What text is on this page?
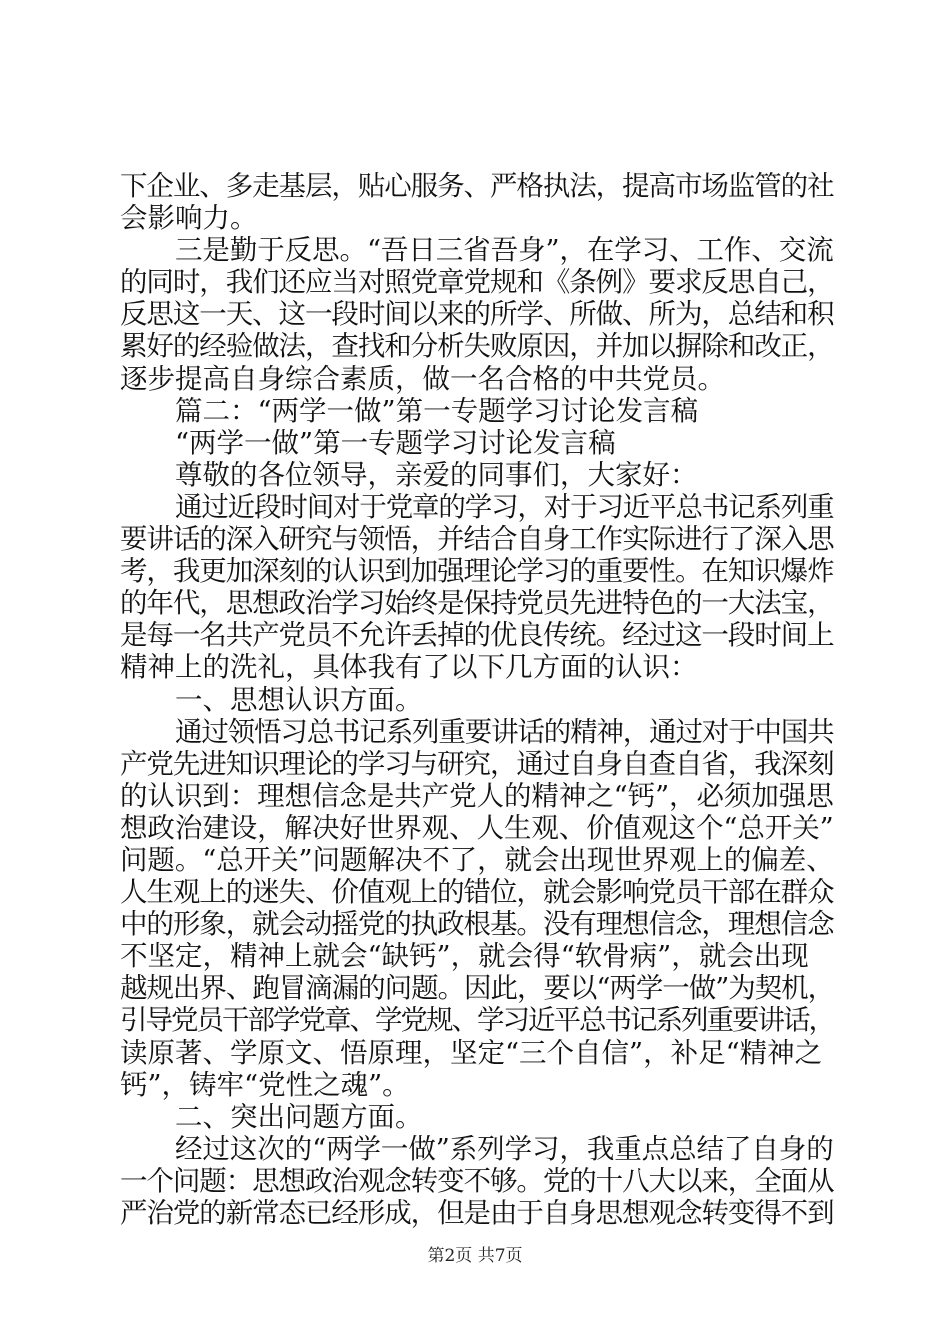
下企业、多走基层，贴心服务、严格执法，提高市场监管的社
会影响力。
三是勤于反思。“吾日三省吾身”，在学习、工作、交流
的同时，我们还应当对照党章党规和《条例》要求反思自己，
反思这一天、这一段时间以来的所学、所做、所为，总结和积
累好的经验做法，查找和分析失败原因，并加以摒除和改正，
逐步提高自身综合素质，做一名合格的中共党员。
篇二：“两学一做”第一专题学习讨论发言稿
“两学一做”第一专题学习讨论发言稿
尊敬的各位领导，亲爱的同事们，大家好：
通过近段时间对于党章的学习，对于习近平总书记系列重
要讲话的深入研究与领悟，并结合自身工作实际进行了深入思
考，我更加深刻的认识到加强理论学习的重要性。在知识爆炸
的年代，思想政治学习始终是保持党员先进特色的一大法宝，
是每一名共产党员不允许丢掉的优良传统。经过这一段时间上
精神上的洗礼，具体我有了以下几方面的认识：
一、思想认识方面。
通过领悟习总书记系列重要讲话的精神，通过对于中国共
产党先进知识理论的学习与研究，通过自身自查自省，我深刻
的认识到：理想信念是共产党人的精神之“钙”，必须加强思
想政治建设，解决好世界观、人生观、价值观这个“总开关”
问题。“总开关”问题解决不了，就会出现世界观上的偏差、
人生观上的迷失、价值观上的错位，就会影响党员干部在群众
中的形象，就会动摇党的执政根基。没有理想信念，理想信念
不坚定，精神上就会“缺钙”，就会得“软骨病”，就会出现
越规出界、跑冒滴漏的问题。因此，要以“两学一做”为契机，
引导党员干部学党章、学党规、学习近平总书记系列重要讲话，
读原著、学原文、悟原理，坚定“三个自信”，补足“精神之
钙”，铸牢“党性之魂”。
二、突出问题方面。
经过这次的“两学一做”系列学习，我重点总结了自身的
一个问题：思想政治观念转变不够。党的十八大以来，全面从
严治党的新常态已经形成，但是由于自身思想观念转变得不到
第2页 共7页
